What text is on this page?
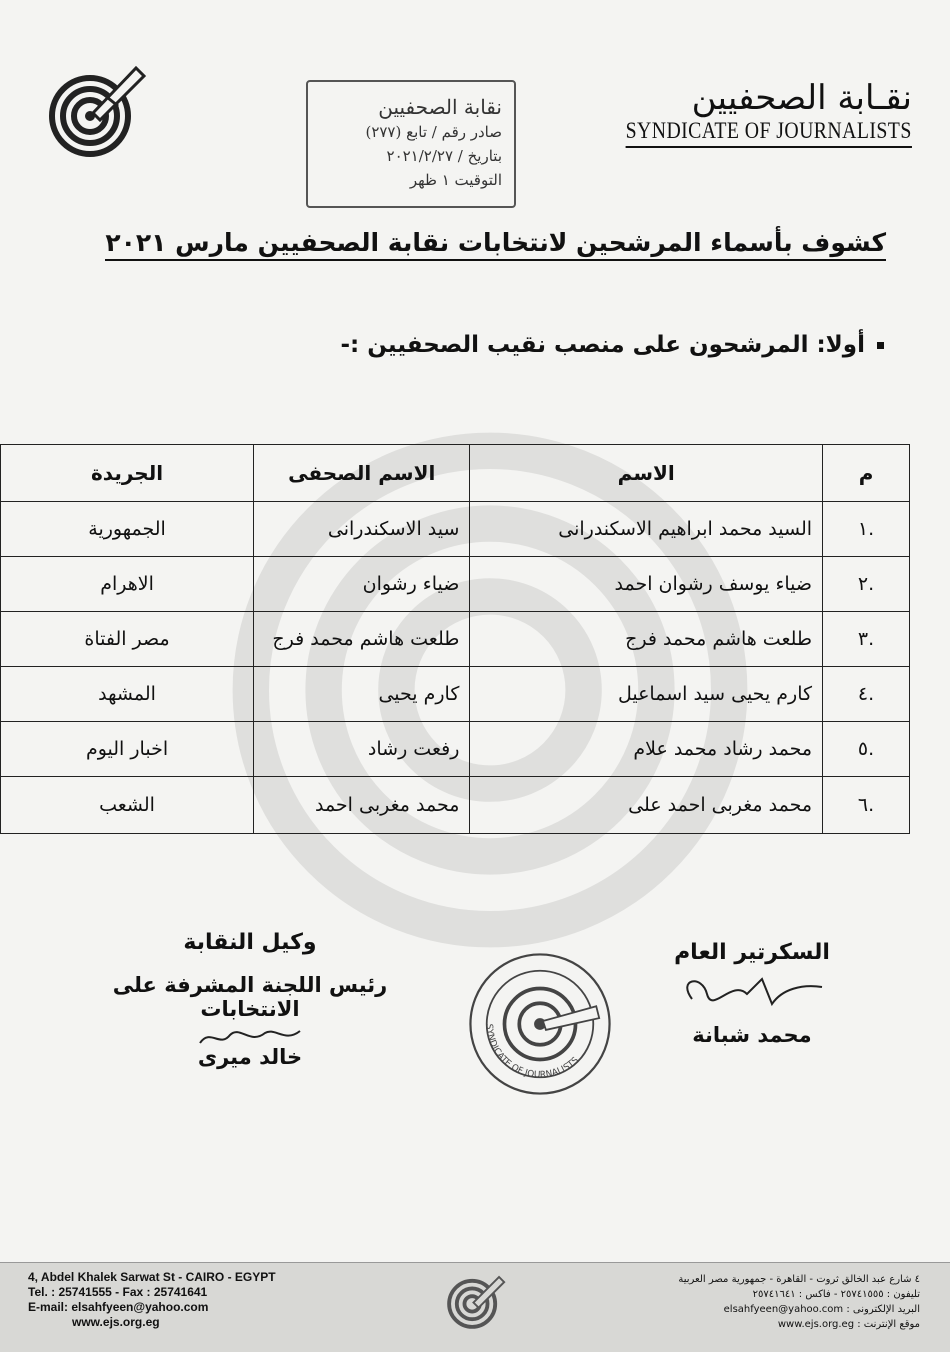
نقـابة الصحفيين
SYNDICATE OF JOURNALISTS
نقابة الصحفيين
صادر رقم / تابع (٢٧٧)
بتاريخ / ٢٠٢١/٢/٢٧
التوقيت ١ ظهر
كشوف بأسماء المرشحين لانتخابات نقابة الصحفيين مارس ٢٠٢١
أولا: المرشحون على منصب نقيب الصحفيين :-
م	الاسم	الاسم الصحفى	الجريدة
.١	السيد محمد ابراهيم الاسكندرانى	سيد الاسكندرانى	الجمهورية
.٢	ضياء يوسف رشوان احمد	ضياء رشوان	الاهرام
.٣	طلعت هاشم محمد فرج	طلعت هاشم محمد فرج	مصر الفتاة
.٤	كارم يحيى سيد اسماعيل	كارم يحيى	المشهد
.٥	محمد رشاد محمد علام	رفعت رشاد	اخبار اليوم
.٦	محمد مغربى احمد على	محمد مغربى احمد	الشعب
السكرتير العام
محمد شبانة
SYNDICATE OF JOURNALISTS
وكيل النقابة
رئيس اللجنة المشرفة على الانتخابات
خالد ميرى
4, Abdel Khalek Sarwat St - CAIRO - EGYPT
Tel. : 25741555 - Fax : 25741641
E-mail: elsahfyeen@yahoo.com
www.ejs.org.eg
٤ شارع عبد الخالق ثروت - القاهرة - جمهورية مصر العربية
تليفون : ٢٥٧٤١٥٥٥ - فاكس : ٢٥٧٤١٦٤١
البريد الإلكترونى : elsahfyeen@yahoo.com
موقع الإنترنت : www.ejs.org.eg
